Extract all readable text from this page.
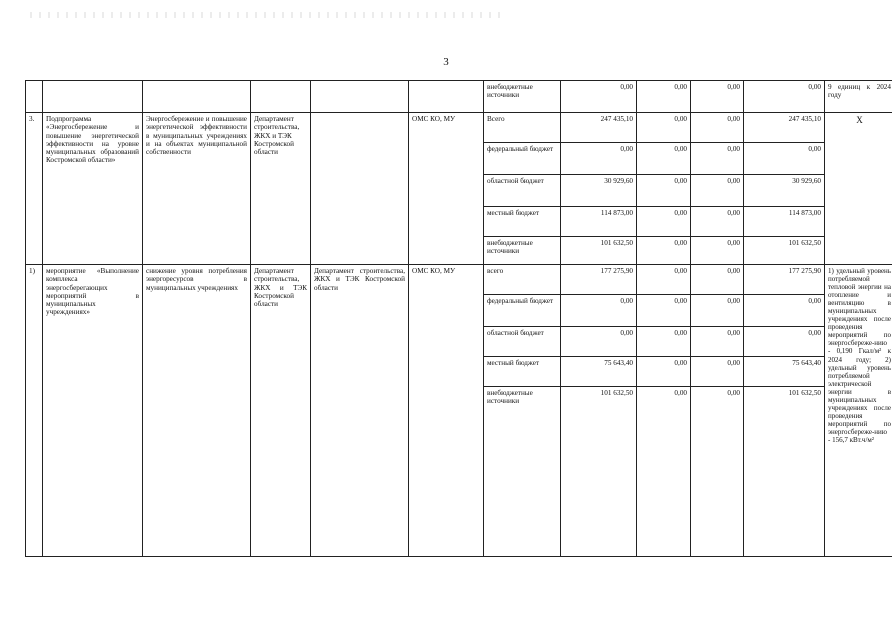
3
						внебюджетные источники	0,00	0,00	0,00	0,00	9 единиц к 2024 году
3.	Подпрограмма «Энергосбережение и повышение энергетической эффективности на уровне муниципальных образований Костромской области»	Энергосбережение и повышение энергетической эффективности в муниципальных учреждениях и на объектах муниципальной собственности	Департамент строительства, ЖКХ и ТЭК Костромской области		ОМС КО, МУ	Всего	247 435,10	0,00	0,00	247 435,10	Х
						федеральный бюджет	0,00	0,00	0,00	0,00	
						областной бюджет	30 929,60	0,00	0,00	30 929,60	
						местный бюджет	114 873,00	0,00	0,00	114 873,00	
						внебюджетные источники	101 632,50	0,00	0,00	101 632,50	
1)	мероприятие «Выполнение комплекса энергосберегающих мероприятий в муниципальных учреждениях»	снижение уровня потребления энергоресурсов в муниципальных учреждениях	Департамент строительства, ЖКХ и ТЭК Костромской области	Департамент строительства, ЖКХ и ТЭК Костромской области	ОМС КО, МУ	всего	177 275,90	0,00	0,00	177 275,90	1) удельный уровень потребляемой тепловой энергии на отопление и вентиляцию в муниципальных учреждениях после проведения мероприятий по энергосбереже-нию - 0,190 Гкал/м² к 2024 году; 2) удельный уровень потребляемой электрической энергии в муниципальных учреждениях после проведения мероприятий по энергосбереже-нию - 156,7 кВт.ч/м²
						федеральный бюджет	0,00	0,00	0,00	0,00	
						областной бюджет	0,00	0,00	0,00	0,00	
						местный бюджет	75 643,40	0,00	0,00	75 643,40	
						внебюджетные источники	101 632,50	0,00	0,00	101 632,50	
